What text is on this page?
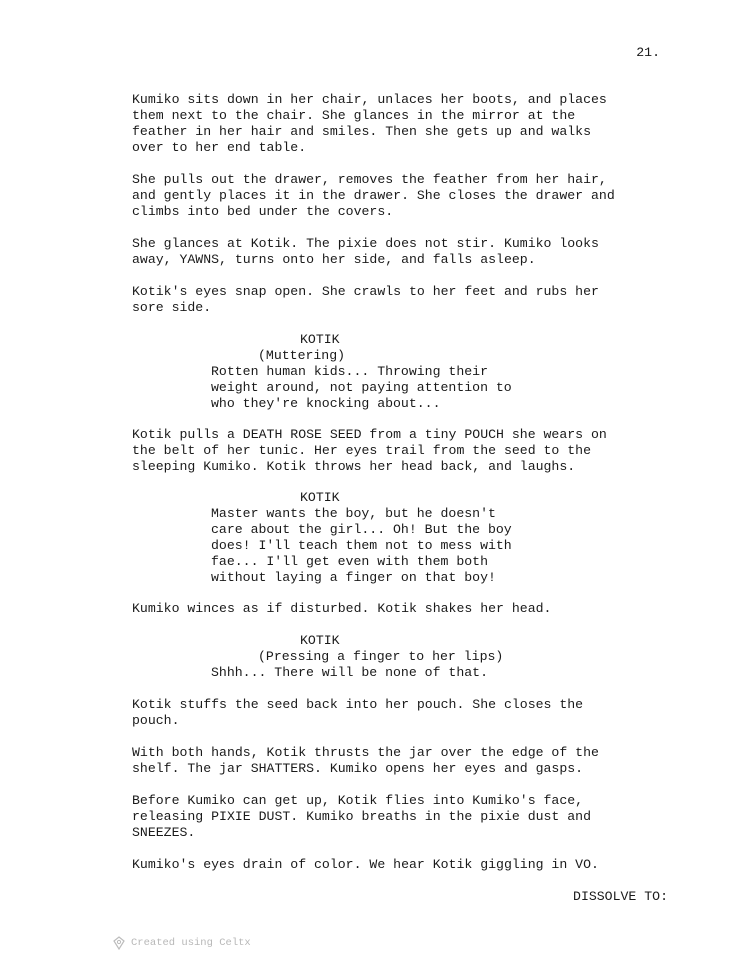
21.
Kumiko sits down in her chair, unlaces her boots, and places
them next to the chair. She glances in the mirror at the
feather in her hair and smiles. Then she gets up and walks
over to her end table.
She pulls out the drawer, removes the feather from her hair,
and gently places it in the drawer. She closes the drawer and
climbs into bed under the covers.
She glances at Kotik. The pixie does not stir. Kumiko looks
away, YAWNS, turns onto her side, and falls asleep.
Kotik's eyes snap open. She crawls to her feet and rubs her
sore side.
KOTIK
(Muttering)
Rotten human kids... Throwing their
weight around, not paying attention to
who they're knocking about...
Kotik pulls a DEATH ROSE SEED from a tiny POUCH she wears on
the belt of her tunic. Her eyes trail from the seed to the
sleeping Kumiko. Kotik throws her head back, and laughs.
KOTIK
Master wants the boy, but he doesn't
care about the girl... Oh! But the boy
does! I'll teach them not to mess with
fae... I'll get even with them both
without laying a finger on that boy!
Kumiko winces as if disturbed. Kotik shakes her head.
KOTIK
(Pressing a finger to her lips)
Shhh... There will be none of that.
Kotik stuffs the seed back into her pouch. She closes the
pouch.
With both hands, Kotik thrusts the jar over the edge of the
shelf. The jar SHATTERS. Kumiko opens her eyes and gasps.
Before Kumiko can get up, Kotik flies into Kumiko's face,
releasing PIXIE DUST. Kumiko breaths in the pixie dust and
SNEEZES.
Kumiko's eyes drain of color. We hear Kotik giggling in VO.
DISSOLVE TO:
Created using Celtx
